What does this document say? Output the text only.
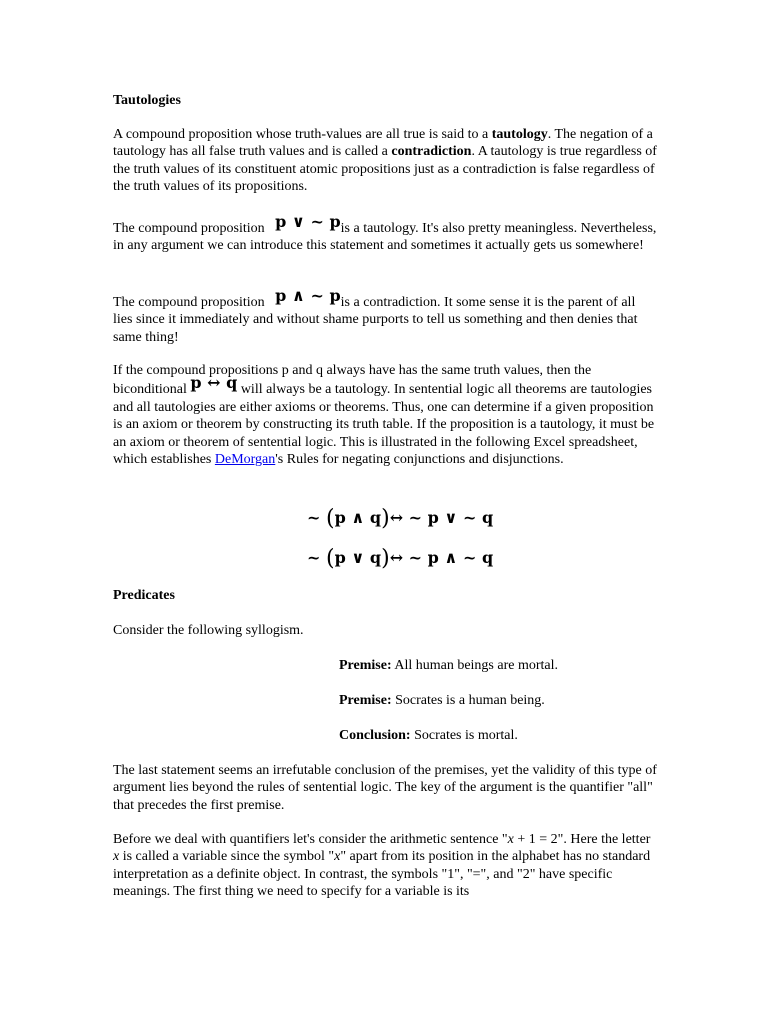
Tautologies
A compound proposition whose truth-values are all true is said to a tautology. The negation of a tautology has all false truth values and is called a contradiction. A tautology is true regardless of the truth values of its constituent atomic propositions just as a contradiction is false regardless of the truth values of its propositions.
The compound proposition   p ∨ ~ pis a tautology. It's also pretty meaningless. Nevertheless, in any argument we can introduce this statement and sometimes it actually gets us somewhere!
The compound proposition   p ∧ ~ pis a contradiction. It some sense it is the parent of all lies since it immediately and without shame purports to tell us something and then denies that same thing!
If the compound propositions p and q always have has the same truth values, then the biconditional p ↔ q will always be a tautology. In sentential logic all theorems are tautologies and all tautologies are either axioms or theorems. Thus, one can determine if a given proposition is an axiom or theorem by constructing its truth table. If the proposition is a tautology, it must be an axiom or theorem of sentential logic. This is illustrated in the following Excel spreadsheet, which establishes DeMorgan's Rules for negating conjunctions and disjunctions.
~ (p ∧ q)↔ ~ p ∨ ~ q
~ (p ∨ q)↔ ~ p ∧ ~ q
Predicates
Consider the following syllogism.
Premise: All human beings are mortal.
Premise: Socrates is a human being.
Conclusion: Socrates is mortal.
The last statement seems an irrefutable conclusion of the premises, yet the validity of this type of argument lies beyond the rules of sentential logic. The key of the argument is the quantifier "all" that precedes the first premise.
Before we deal with quantifiers let's consider the arithmetic sentence "x + 1 = 2". Here the letter x is called a variable since the symbol "x" apart from its position in the alphabet has no standard interpretation as a definite object. In contrast, the symbols "1", "=", and "2" have specific meanings. The first thing we need to specify for a variable is its
